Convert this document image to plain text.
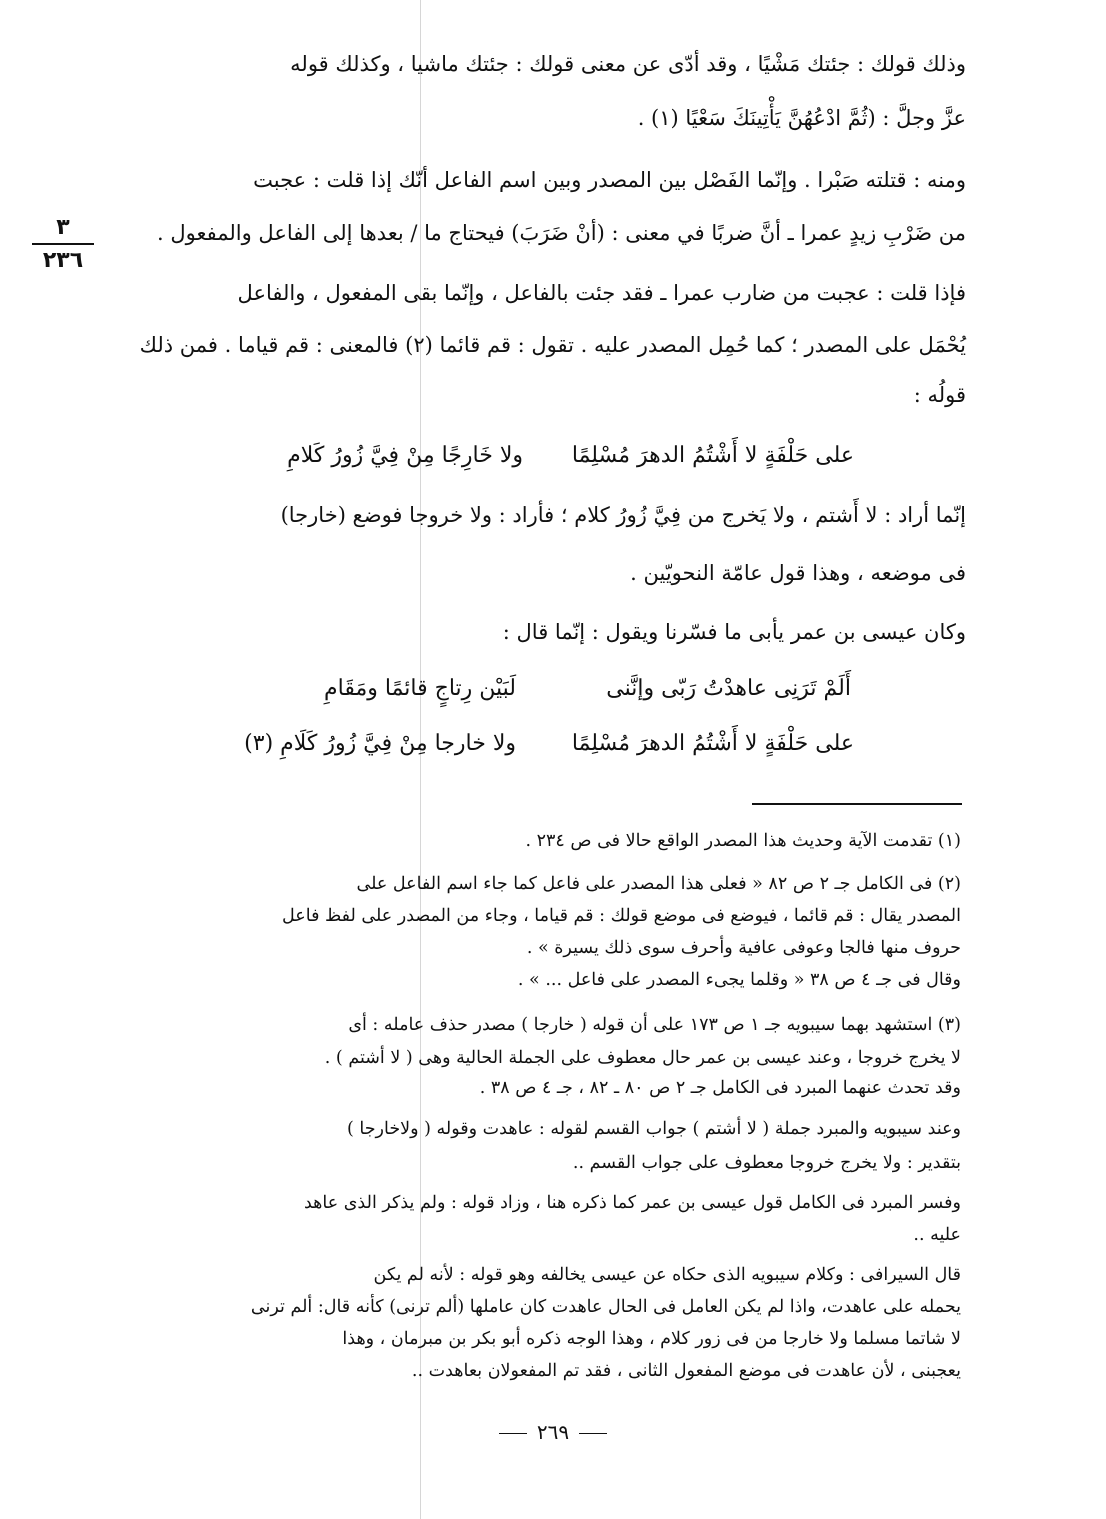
وذلك قولك : جئتك مَشْيًا ، وقد أدّى عن معنى قولك : جئتك ماشيا ، وكذلك قوله

عزَّ وجلَّ : (ثُمَّ ادْعُهُنَّ يَأْتِينَكَ سَعْيًا (١) .

ومنه : قتلته صَبْرا . وإنّما الفَصْل بين المصدر وبين اسم الفاعل أنّك إذا قلت : عجبت

من ضَرْبِ زيدٍ عمرا ـ أنَّ ضربًا في معنى : (أنْ ضَرَبَ) فيحتاج ما / بعدها إلى الفاعل والمفعول .

فإذا قلت : عجبت من ضارب عمرا ـ فقد جئت بالفاعل ، وإنّما بقى المفعول ، والفاعل

يُحْمَل على المصدر ؛ كما حُمِل المصدر عليه . تقول : قم قائما (٢) فالمعنى : قم قياما . فمن ذلك

قولُه :

على حَلْفَةٍ لا أَشْتُمُ الدهرَ مُسْلِمًا
ولا خَارِجًا مِنْ فِيَّ زُورُ كَلامِ

إنّما أراد : لا أَشتم ، ولا يَخرج من فِيَّ زُورُ كلام ؛ فأراد : ولا خروجا فوضع (خارجا)

فى موضعه ، وهذا قول عامّة النحويّين .

وكان عيسى بن عمر يأبى ما فسّرنا ويقول : إنّما قال :

أَلَمْ تَرَنِى عاهدْتُ رَبّى وإنَّنى
لَبَيْن رِتاجٍ قائمًا ومَقَامِ
على حَلْفَةٍ لا أَشْتُمُ الدهرَ مُسْلِمًا
ولا خارجا مِنْ فِيَّ زُورُ كَلَامِ (٣)
٣
٢٣٦

(١) تقدمت الآية وحديث هذا المصدر الواقع حالا فى ص ٢٣٤ .

(٢) فى الكامل جـ ٢ ص ٨٢ « فعلى هذا المصدر على فاعل كما جاء اسم الفاعل على

المصدر يقال : قم قائما ، فيوضع فى موضع قولك : قم قياما ، وجاء من المصدر على لفظ فاعل

حروف منها فالجا وعوفى عافية وأحرف سوى ذلك يسيرة » .

وقال فى جـ ٤ ص ٣٨ « وقلما يجىء المصدر على فاعل ... » .

(٣) استشهد بهما سيبويه جـ ١ ص ١٧٣ على أن قوله ( خارجا ) مصدر حذف عامله : أى

لا يخرج خروجا ، وعند عيسى بن عمر حال معطوف على الجملة الحالية وهى ( لا أشتم ) .

وقد تحدث عنهما المبرد فى الكامل جـ ٢ ص ٨٠ ـ ٨٢ ، جـ ٤ ص ٣٨ .

وعند سيبويه والمبرد جملة ( لا أشتم ) جواب القسم لقوله : عاهدت وقوله ( ولاخارجا )

بتقدير : ولا يخرج خروجا معطوف على جواب القسم ..

وفسر المبرد فى الكامل قول عيسى بن عمر كما ذكره هنا ، وزاد قوله : ولم يذكر الذى عاهد

عليه ..

قال السيرافى : وكلام سيبويه الذى حكاه عن عيسى يخالفه وهو قوله : لأنه لم يكن

يحمله على عاهدت، واذا لم يكن العامل فى الحال عاهدت كان عاملها (ألم ترنى) كأنه قال: ألم ترنى

لا شاتما مسلما ولا خارجا من فى زور كلام ، وهذا الوجه ذكره أبو بكر بن مبرمان ، وهذا

يعجبنى ، لأن عاهدت فى موضع المفعول الثانى ، فقد تم المفعولان بعاهدت ..

٢٦٩
